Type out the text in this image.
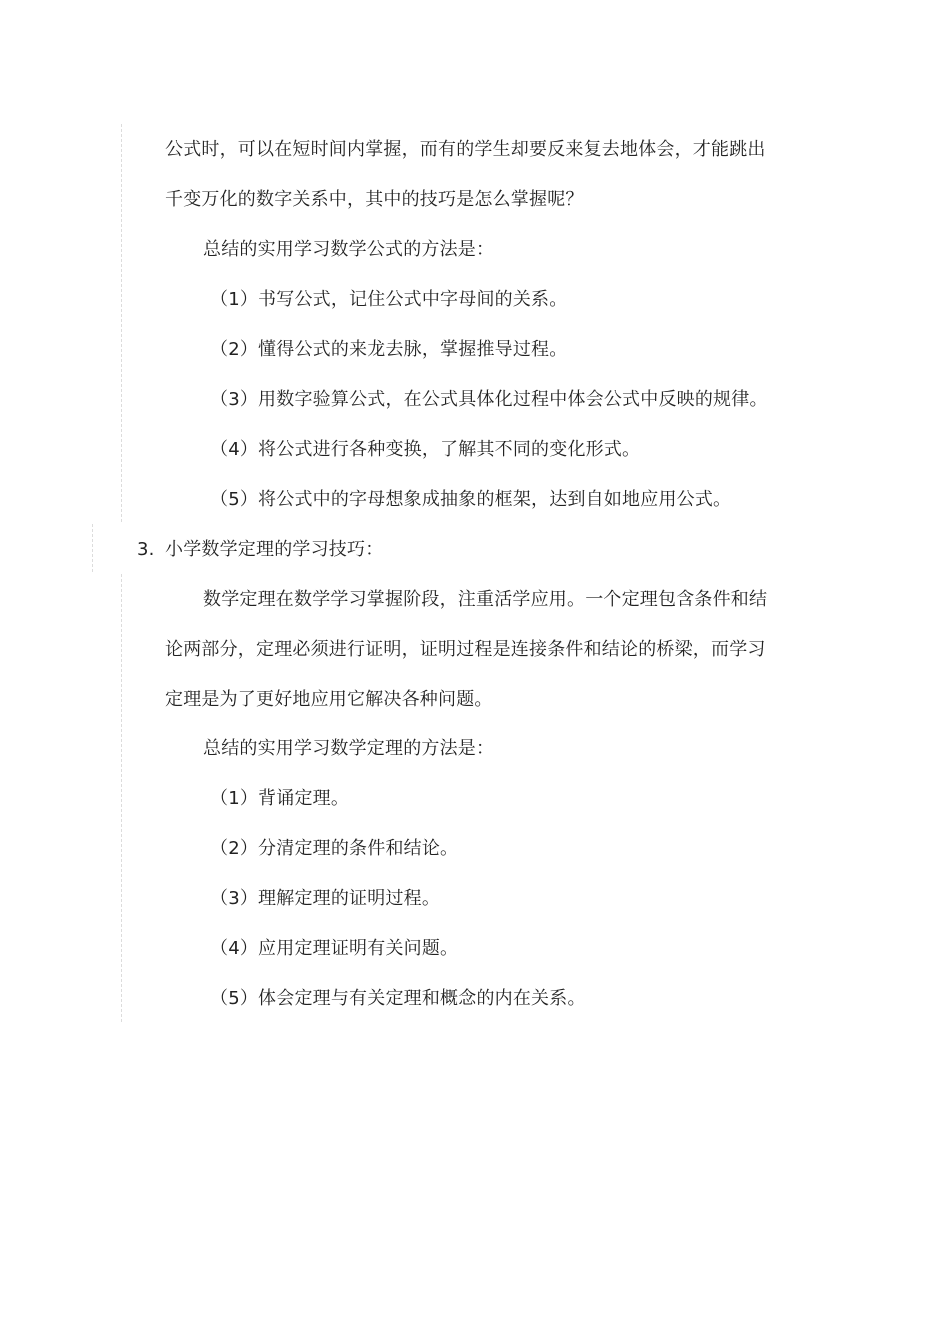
公式时，可以在短时间内掌握，而有的学生却要反来复去地体会，才能跳出
千变万化的数字关系中，其中的技巧是怎么掌握呢？
总结的实用学习数学公式的方法是：
（1）书写公式，记住公式中字母间的关系。
（2）懂得公式的来龙去脉，掌握推导过程。
（3）用数字验算公式，在公式具体化过程中体会公式中反映的规律。
（4）将公式进行各种变换，了解其不同的变化形式。
（5）将公式中的字母想象成抽象的框架，达到自如地应用公式。
3. 小学数学定理的学习技巧：
数学定理在数学学习掌握阶段，注重活学应用。一个定理包含条件和结
论两部分，定理必须进行证明，证明过程是连接条件和结论的桥梁，而学习
定理是为了更好地应用它解决各种问题。
总结的实用学习数学定理的方法是：
（1）背诵定理。
（2）分清定理的条件和结论。
（3）理解定理的证明过程。
（4）应用定理证明有关问题。
（5）体会定理与有关定理和概念的内在关系。
